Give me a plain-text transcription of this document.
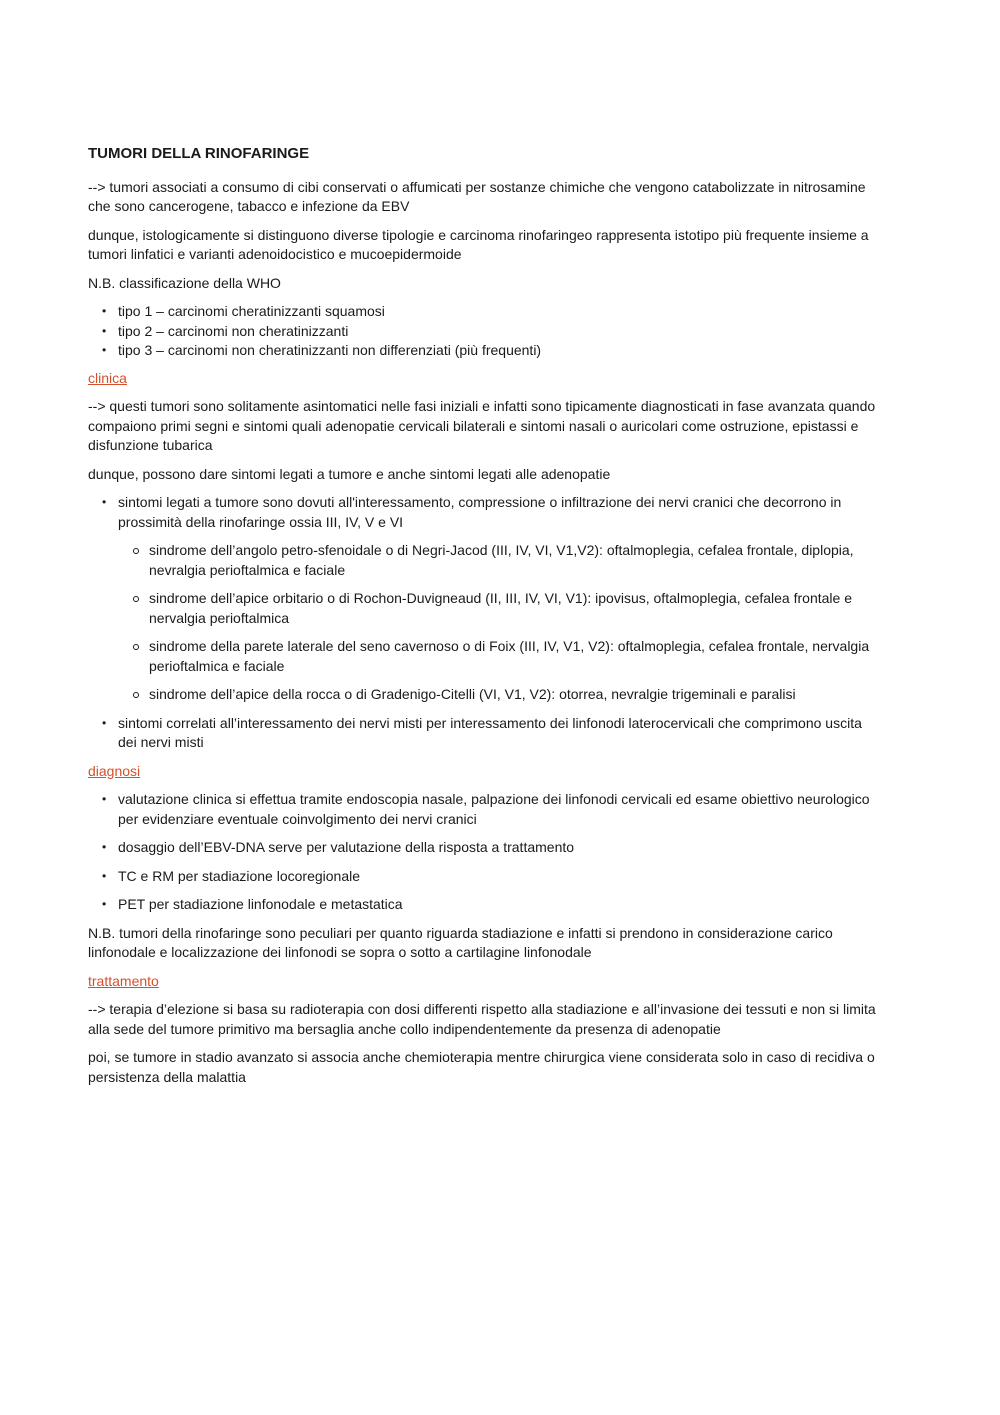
TUMORI DELLA RINOFARINGE

--> tumori associati a consumo di cibi conservati o affumicati per sostanze chimiche che vengono catabolizzate in nitrosamine che sono cancerogene, tabacco e infezione da EBV

dunque, istologicamente si distinguono diverse tipologie e carcinoma rinofaringeo rappresenta istotipo più frequente insieme a tumori linfatici e varianti adenoidocistico e mucoepidermoide

N.B. classificazione della WHO

• tipo 1 – carcinomi cheratinizzanti squamosi
• tipo 2 – carcinomi non cheratinizzanti
• tipo 3 – carcinomi non cheratinizzanti non differenziati (più frequenti)
clinica

--> questi tumori sono solitamente asintomatici nelle fasi iniziali e infatti sono tipicamente diagnosticati in fase avanzata quando compaiono primi segni e sintomi quali adenopatie cervicali bilaterali e sintomi nasali o auricolari come ostruzione, epistassi e disfunzione tubarica

dunque, possono dare sintomi legati a tumore e anche sintomi legati alle adenopatie

• sintomi legati a tumore sono dovuti all'interessamento, compressione o infiltrazione dei nervi cranici che decorrono in prossimità della rinofaringe ossia III, IV, V e VI
sindrome dell’angolo petro-sfenoidale o di Negri-Jacod (III, IV, VI, V1,V2): oftalmoplegia, cefalea frontale, diplopia, nevralgia perioftalmica e faciale
sindrome dell’apice orbitario o di Rochon-Duvigneaud (II, III, IV, VI, V1): ipovisus, oftalmoplegia, cefalea frontale e nervalgia perioftalmica
sindrome della parete laterale del seno cavernoso o di Foix (III, IV, V1, V2): oftalmoplegia, cefalea frontale, nervalgia perioftalmica e faciale
sindrome dell’apice della rocca o di Gradenigo-Citelli (VI, V1, V2): otorrea, nevralgie trigeminali e paralisi
• sintomi correlati all’interessamento dei nervi misti per interessamento dei linfonodi laterocervicali che comprimono uscita dei nervi misti
diagnosi
• valutazione clinica si effettua tramite endoscopia nasale, palpazione dei linfonodi cervicali ed esame obiettivo neurologico per evidenziare eventuale coinvolgimento dei nervi cranici
• dosaggio dell’EBV-DNA serve per valutazione della risposta a trattamento
• TC e RM per stadiazione locoregionale
• PET per stadiazione linfonodale e metastatica

N.B. tumori della rinofaringe sono peculiari per quanto riguarda stadiazione e infatti si prendono in considerazione carico linfonodale e localizzazione dei linfonodi se sopra o sotto a cartilagine linfonodale

trattamento

--> terapia d’elezione si basa su radioterapia con dosi differenti rispetto alla stadiazione e all’invasione dei tessuti e non si limita alla sede del tumore primitivo ma bersaglia anche collo indipendentemente da presenza di adenopatie

poi, se tumore in stadio avanzato si associa anche chemioterapia mentre chirurgica viene considerata solo in caso di recidiva o persistenza della malattia
